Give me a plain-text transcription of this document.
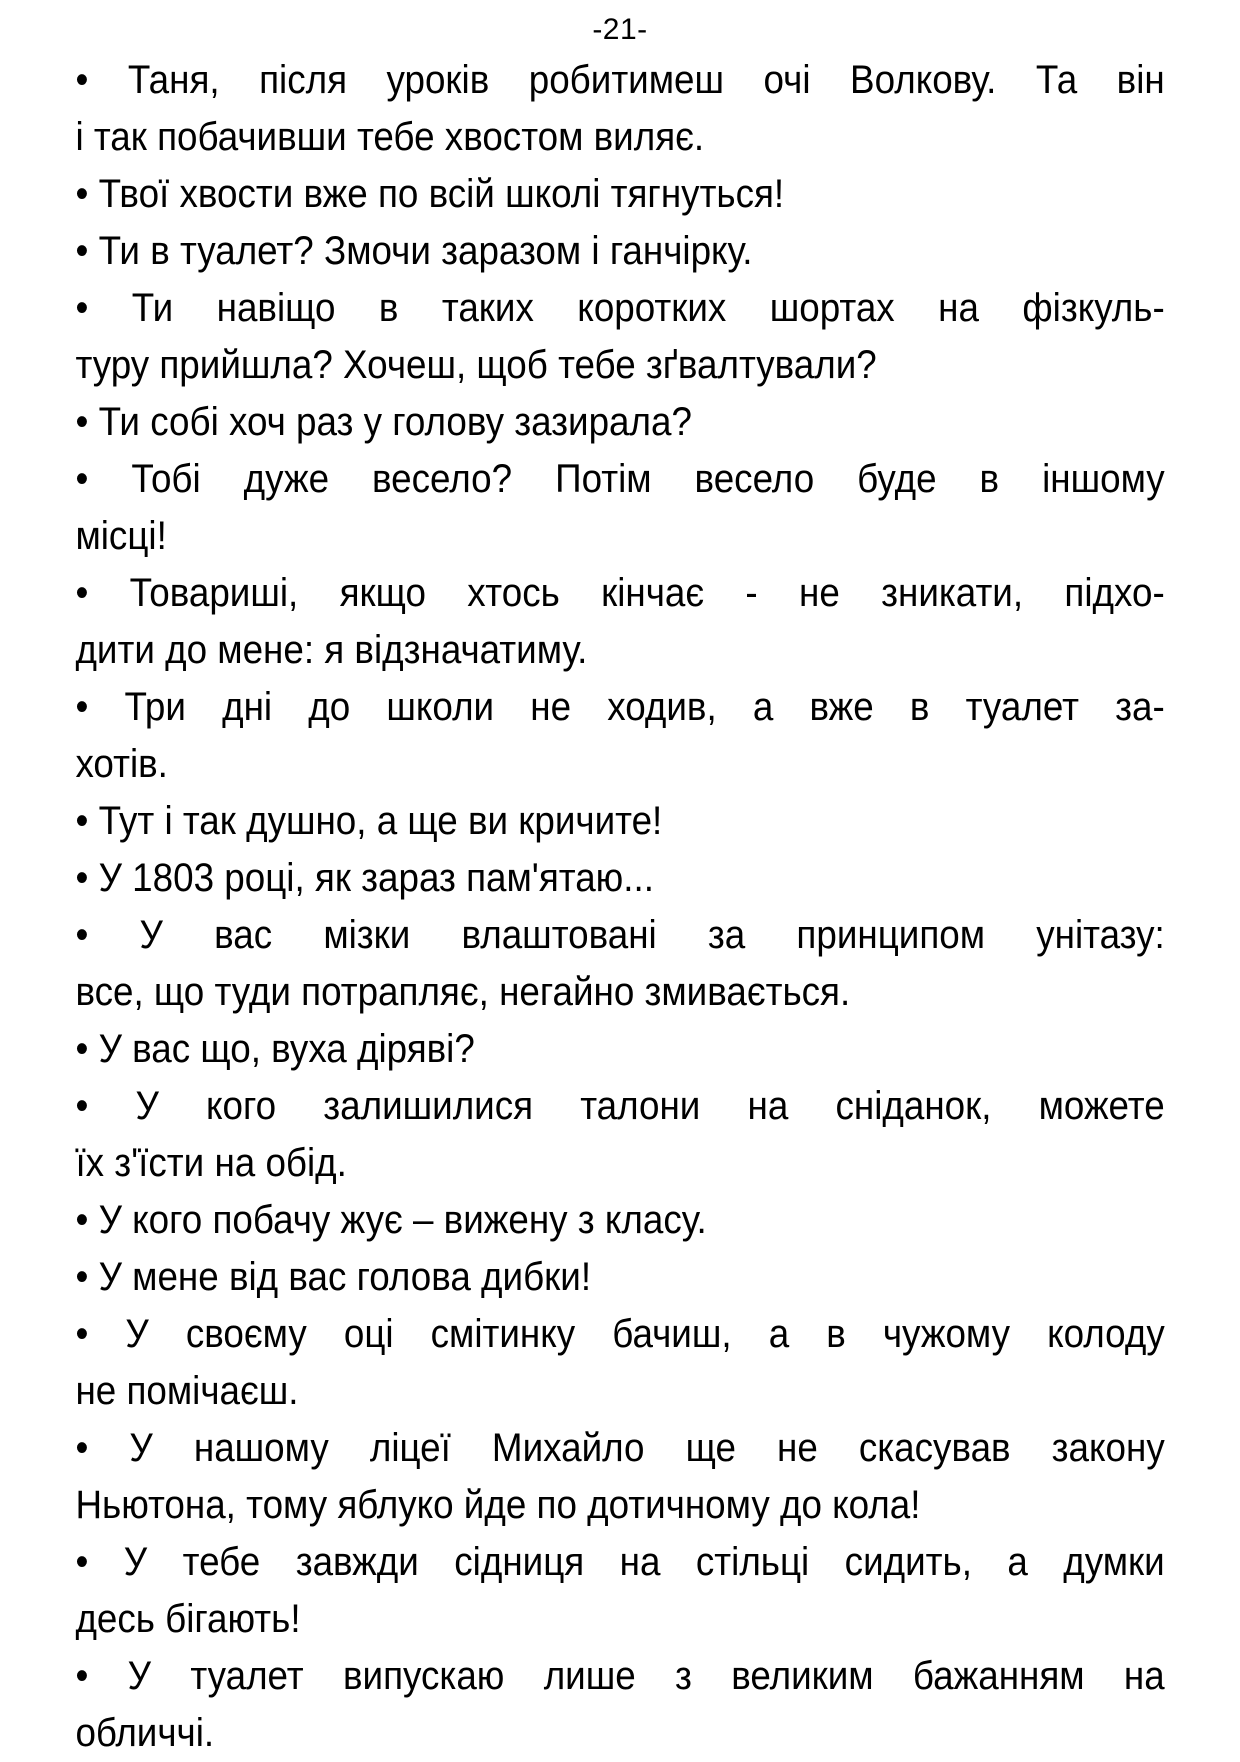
-21-
• Таня, після уроків робитимеш очі Волкову. Та він
і так побачивши тебе хвостом виляє.
• Твої хвости вже по всій школі тягнуться!
• Ти в туалет? Змочи заразом і ганчірку.
• Ти навіщо в таких коротких шортах на фізкуль-
туру прийшла? Хочеш, щоб тебе зґвалтували?
• Ти собі хоч раз у голову зазирала?
• Тобі дуже весело? Потім весело буде в іншому
місці!
• Товариші, якщо хтось кінчає - не зникати, підхо-
дити до мене: я відзначатиму.
• Три дні до школи не ходив, а вже в туалет за-
хотів.
• Тут і так душно, а ще ви кричите!
• У 1803 році, як зараз пам'ятаю...
• У вас мізки влаштовані за принципом унітазу:
все, що туди потрапляє, негайно змивається.
• У вас що, вуха діряві?
• У кого залишилися талони на сніданок, можете
їх з'їсти на обід.
• У кого побачу жує – вижену з класу.
• У мене від вас голова дибки!
• У своєму оці смітинку бачиш, а в чужому колоду
не помічаєш.
• У нашому ліцеї Михайло ще не скасував закону
Ньютона, тому яблуко йде по дотичному до кола!
• У тебе завжди сідниця на стільці сидить, а думки
десь бігають!
• У туалет випускаю лише з великим бажанням на
обличчі.
